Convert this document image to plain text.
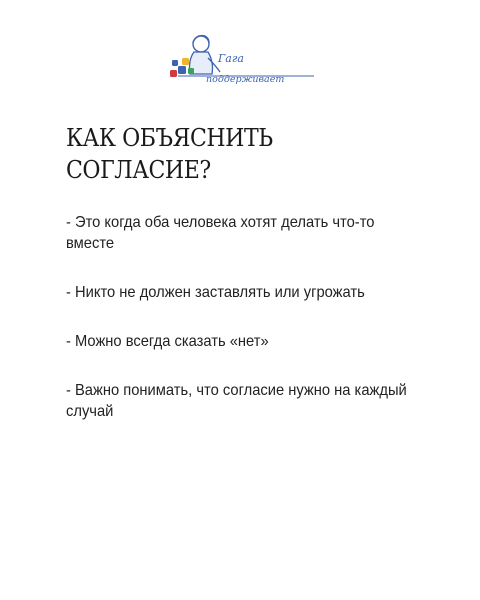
Гага
поддерживает
КАК ОБЪЯСНИТЬ
СОГЛАСИЕ?

- Это когда оба человека хотят делать что-то вместе

- Никто не должен заставлять или угрожать

- Можно всегда сказать «нет»

- Важно понимать, что согласие нужно на каждый случай
